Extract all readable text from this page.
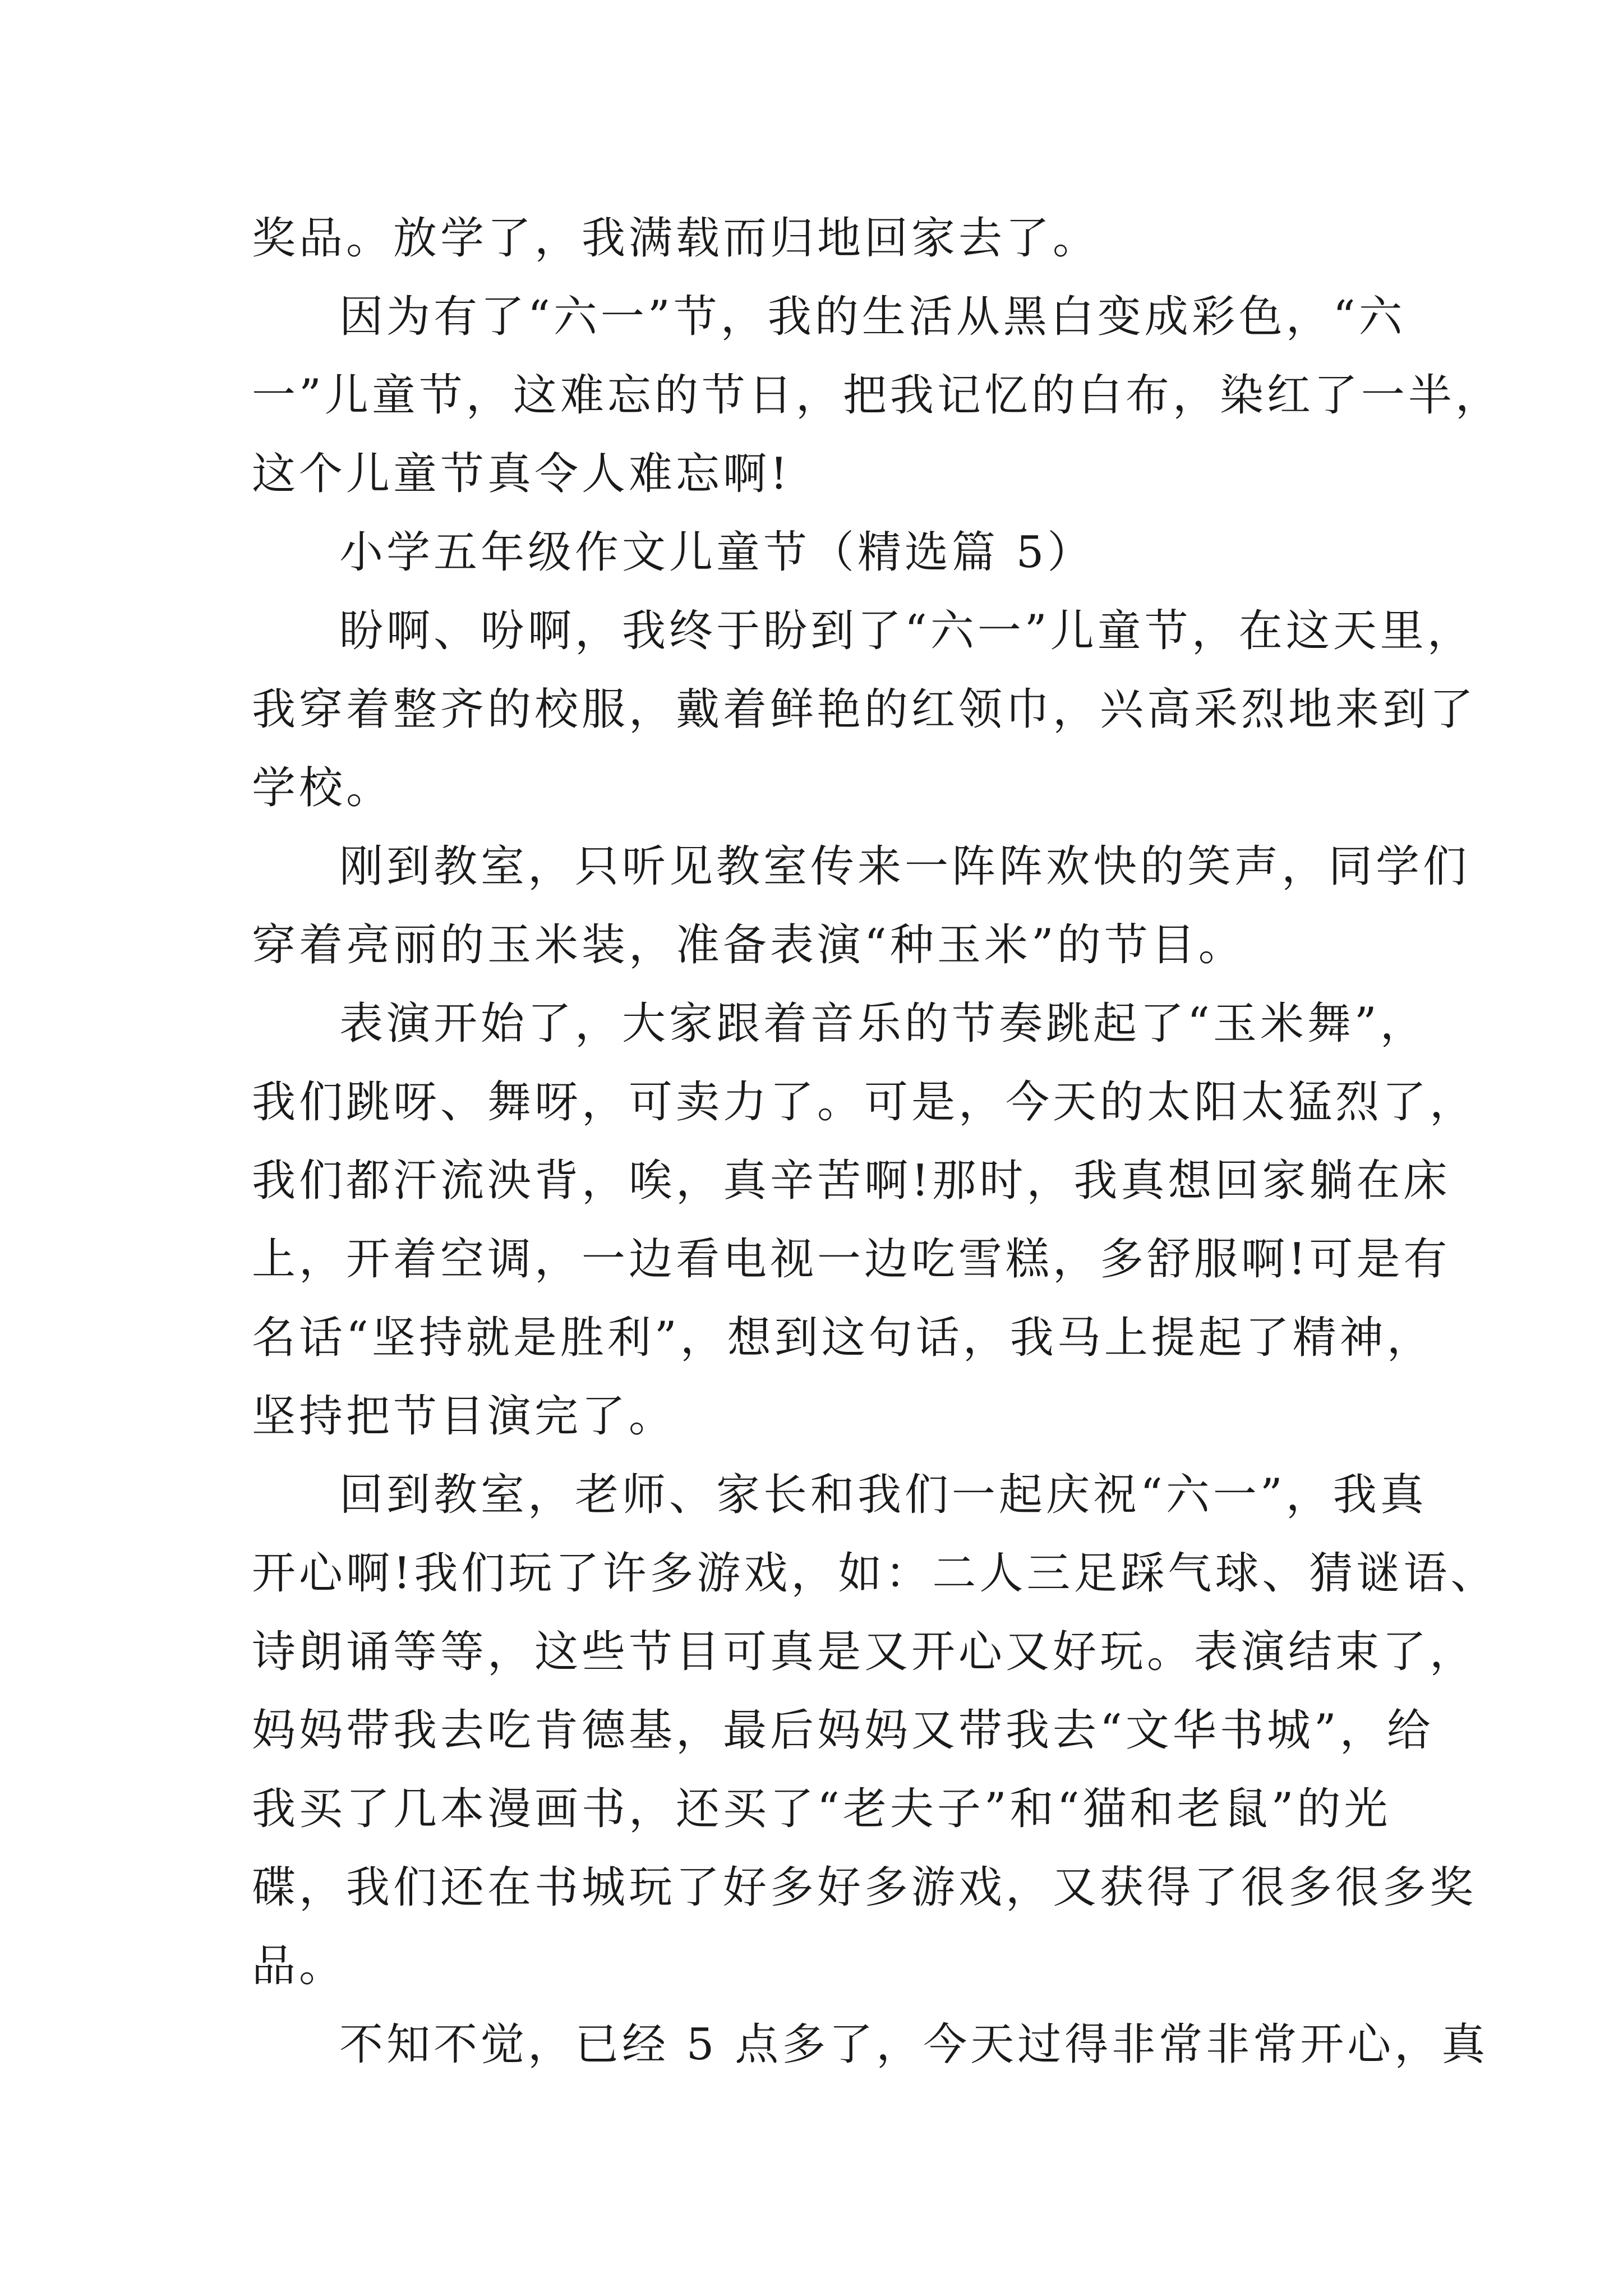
奖品。放学了，我满载而归地回家去了。
因为有了“六一”节，我的生活从黑白变成彩色，“六
一”儿童节，这难忘的节日，把我记忆的白布，染红了一半，
这个儿童节真令人难忘啊!
小学五年级作文儿童节（精选篇 5）
盼啊、吩啊，我终于盼到了“六一”儿童节，在这天里，
我穿着整齐的校服，戴着鲜艳的红领巾，兴高采烈地来到了
学校。
刚到教室，只听见教室传来一阵阵欢快的笑声，同学们
穿着亮丽的玉米装，准备表演“种玉米”的节目。
表演开始了，大家跟着音乐的节奏跳起了“玉米舞”，
我们跳呀、舞呀，可卖力了。可是，今天的太阳太猛烈了，
我们都汗流泱背，唉，真辛苦啊!那时，我真想回家躺在床
上，开着空调，一边看电视一边吃雪糕，多舒服啊!可是有
名话“坚持就是胜利”，想到这句话，我马上提起了精神，
坚持把节目演完了。
回到教室，老师、家长和我们一起庆祝“六一”，我真
开心啊!我们玩了许多游戏，如：二人三足踩气球、猜谜语、
诗朗诵等等，这些节目可真是又开心又好玩。表演结束了，
妈妈带我去吃肯德基，最后妈妈又带我去“文华书城”，给
我买了几本漫画书，还买了“老夫子”和“猫和老鼠”的光
碟，我们还在书城玩了好多好多游戏，又获得了很多很多奖
品。
不知不觉，已经 5 点多了，今天过得非常非常开心，真
